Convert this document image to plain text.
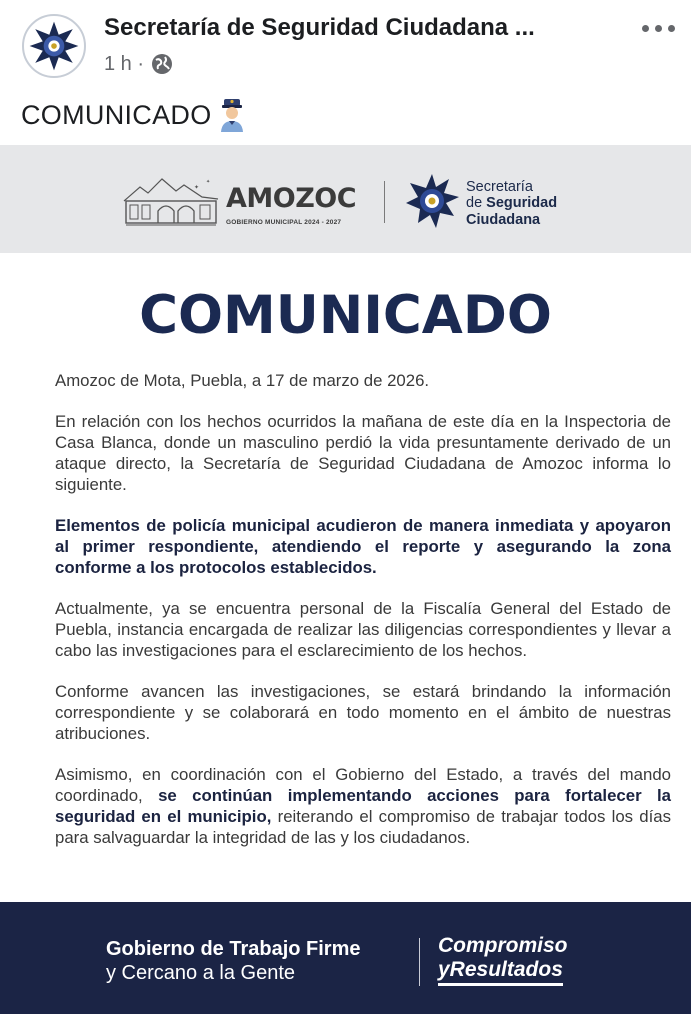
Secretaría de Seguridad Ciudadana ...
1 h ·
COMUNICADO
✦
✦
AMOZOC
GOBIERNO MUNICIPAL 2024 - 2027
Secretaría
de Seguridad
Ciudadana
COMUNICADO

Amozoc de Mota, Puebla, a 17 de marzo de 2026.

En relación con los hechos ocurridos la mañana de este día en la Inspectoria de Casa Blanca, donde un masculino perdió la vida presuntamente derivado de un ataque directo, la Secretaría de Seguridad Ciudadana de Amozoc informa lo siguiente.

Elementos de policía municipal acudieron de manera inmediata y apoyaron al primer respondiente, atendiendo el reporte y asegurando la zona conforme a los protocolos establecidos.

Actualmente, ya se encuentra personal de la Fiscalía General del Estado de Puebla, instancia encargada de realizar las diligencias correspondientes y llevar a cabo las investigaciones para el esclarecimiento de los hechos.

Conforme avancen las investigaciones, se estará brindando la información correspondiente y se colaborará en todo momento en el ámbito de nuestras atribuciones.

Asimismo, en coordinación con el Gobierno del Estado, a través del mando coordinado, se continúan implementando acciones para fortalecer la seguridad en el municipio, reiterando el compromiso de trabajar todos los días para salvaguardar la integridad de las y los ciudadanos.

Gobierno de Trabajo Firme
y Cercano a la Gente
Compromiso
yResultados
